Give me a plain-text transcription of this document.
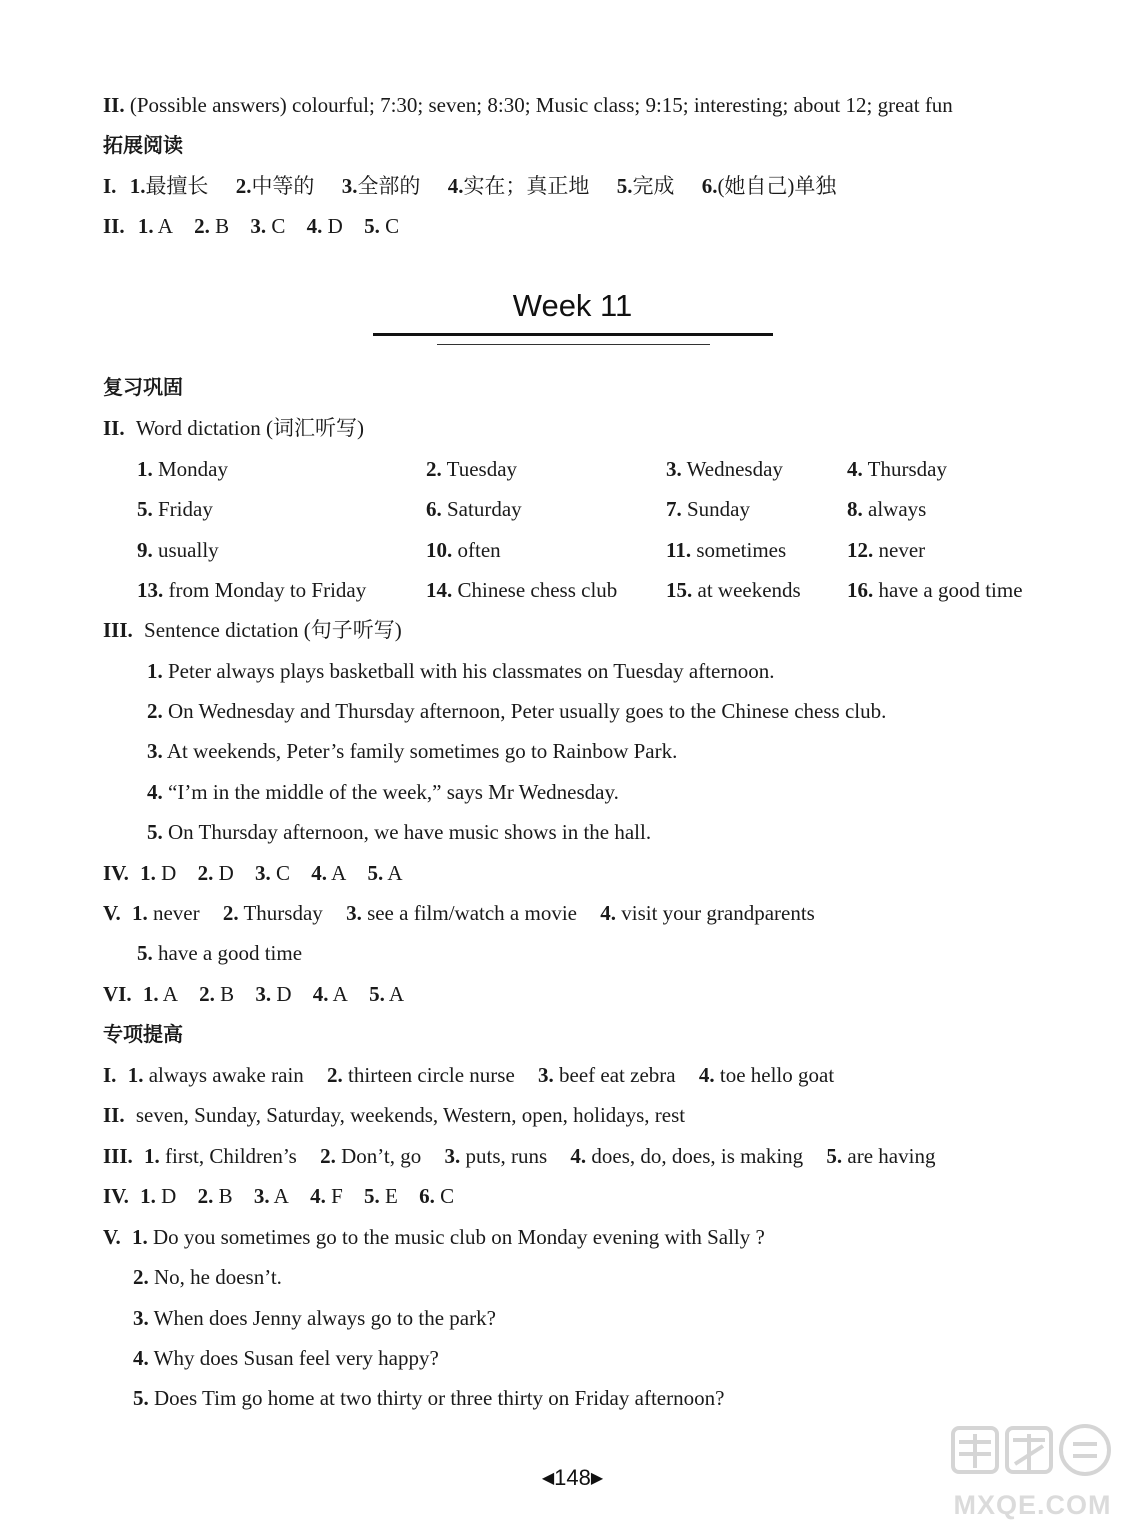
II. (Possible answers) colourful; 7:30; seven; 8:30; Music class; 9:15; interesting; about 12; great fun
拓展阅读
I. 1.最擅长 2.中等的 3.全部的 4.实在；真正地 5.完成 6.(她自己)单独
II. 1. A 2. B 3. C 4. D 5. C
Week 11
复习巩固
II. Word dictation (词汇听写)
1. Monday	2. Tuesday	3. Wednesday	4. Thursday
5. Friday	6. Saturday	7. Sunday	8. always
9. usually	10. often	11. sometimes	12. never
13. from Monday to Friday	14. Chinese chess club 15. at weekends 16. have a good time
III. Sentence dictation (句子听写)
1. Peter always plays basketball with his classmates on Tuesday afternoon.
2. On Wednesday and Thursday afternoon, Peter usually goes to the Chinese chess club.
3. At weekends, Peter’s family sometimes go to Rainbow Park.
4. “I’m in the middle of the week,” says Mr Wednesday.
5. On Thursday afternoon, we have music shows in the hall.
IV. 1. D 2. D 3. C 4. A 5. A
V. 1. never 2. Thursday 3. see a film/watch a movie 4. visit your grandparents
5. have a good time
VI. 1. A 2. B 3. D 4. A 5. A
专项提高
I. 1. always awake rain 2. thirteen circle nurse 3. beef eat zebra 4. toe hello goat
II. seven, Sunday, Saturday, weekends, Western, open, holidays, rest
III. 1. first, Children’s 2. Don’t, go 3. puts, runs 4. does, do, does, is making 5. are having
IV. 1. D 2. B 3. A 4. F 5. E 6. C
V. 1. Do you sometimes go to the music club on Monday evening with Sally ?
2. No, he doesn’t.
3. When does Jenny always go to the park?
4. Why does Susan feel very happy?
5. Does Tim go home at two thirty or three thirty on Friday afternoon?
◀148▶
MXQE.COM
